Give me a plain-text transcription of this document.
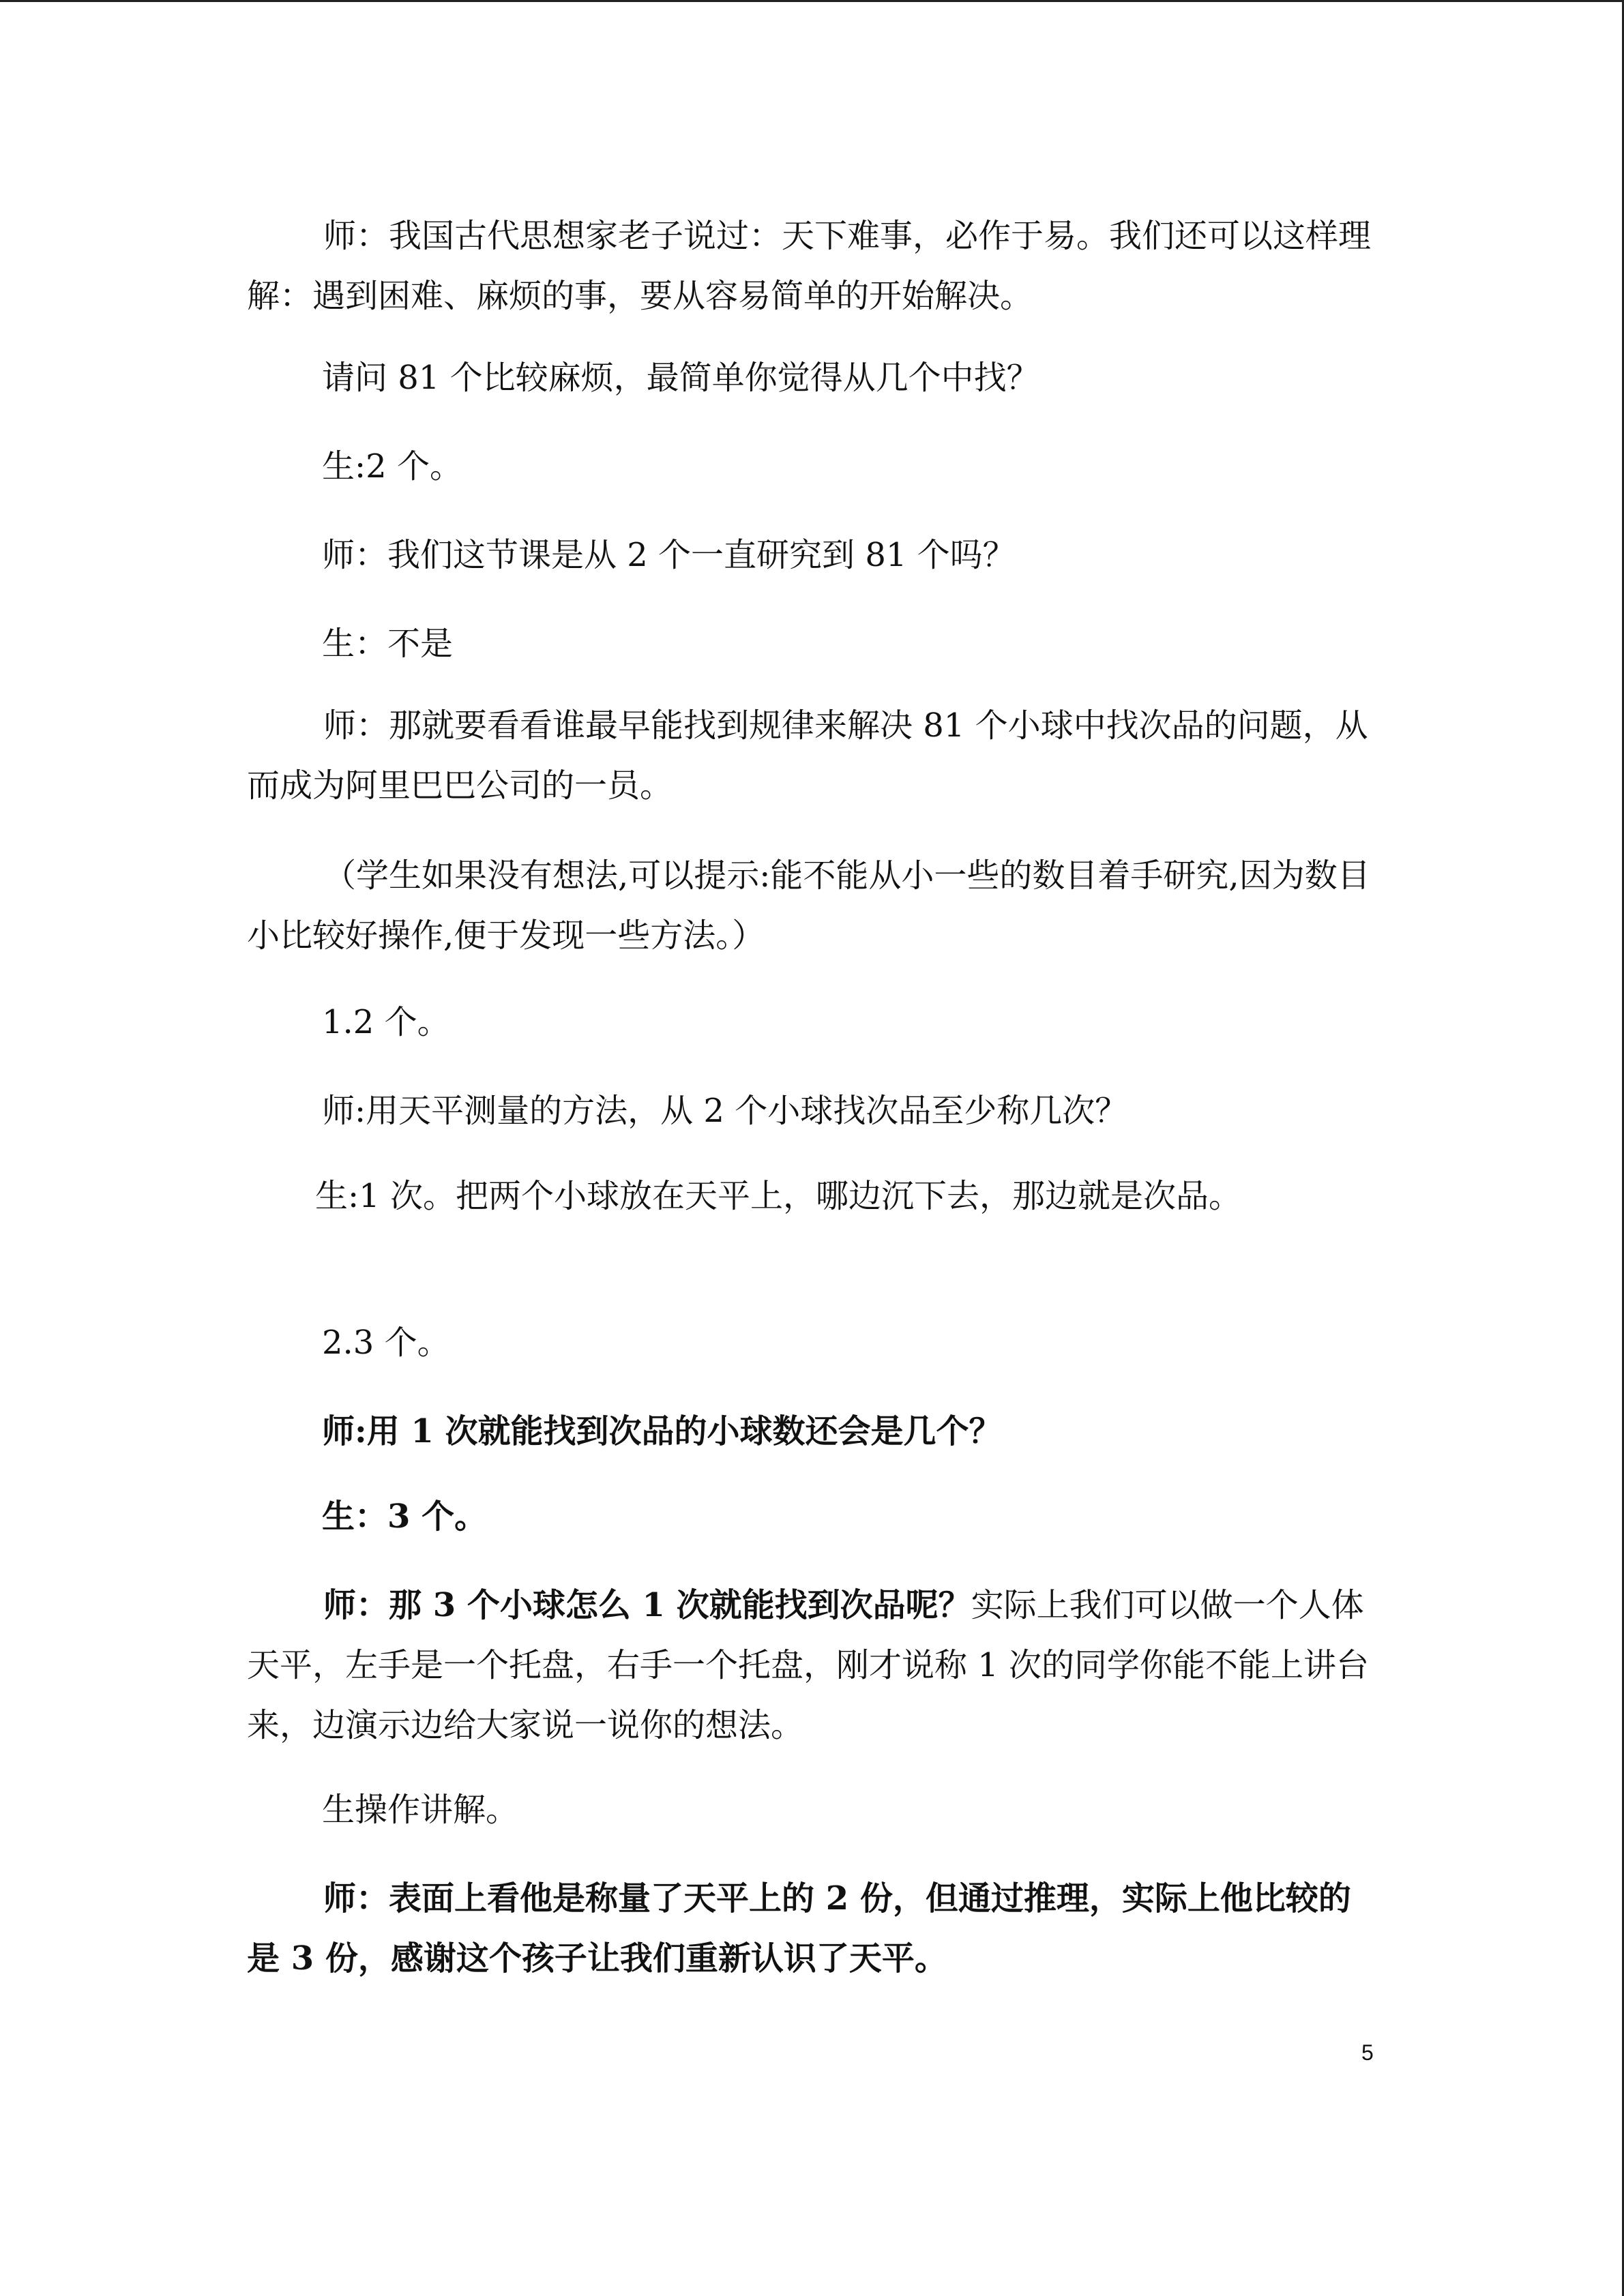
师：我国古代思想家老子说过：天下难事，必作于易。我们还可以这样理解：遇到困难、麻烦的事，要从容易简单的开始解决。

请问 81 个比较麻烦，最简单你觉得从几个中找？

生:2 个。

师：我们这节课是从 2 个一直研究到 81 个吗？

生：不是

师：那就要看看谁最早能找到规律来解决 81 个小球中找次品的问题，从而成为阿里巴巴公司的一员。

（学生如果没有想法,可以提示:能不能从小一些的数目着手研究,因为数目小比较好操作,便于发现一些方法。）

1.2 个。

师:用天平测量的方法，从 2 个小球找次品至少称几次？

生:1 次。把两个小球放在天平上，哪边沉下去，那边就是次品。

2.3 个。

师:用 1 次就能找到次品的小球数还会是几个？

生：3 个。

师：那 3 个小球怎么 1 次就能找到次品呢？实际上我们可以做一个人体天平，左手是一个托盘，右手一个托盘，刚才说称 1 次的同学你能不能上讲台来，边演示边给大家说一说你的想法。

生操作讲解。

师：表面上看他是称量了天平上的 2 份，但通过推理，实际上他比较的是 3 份，感谢这个孩子让我们重新认识了天平。

5
